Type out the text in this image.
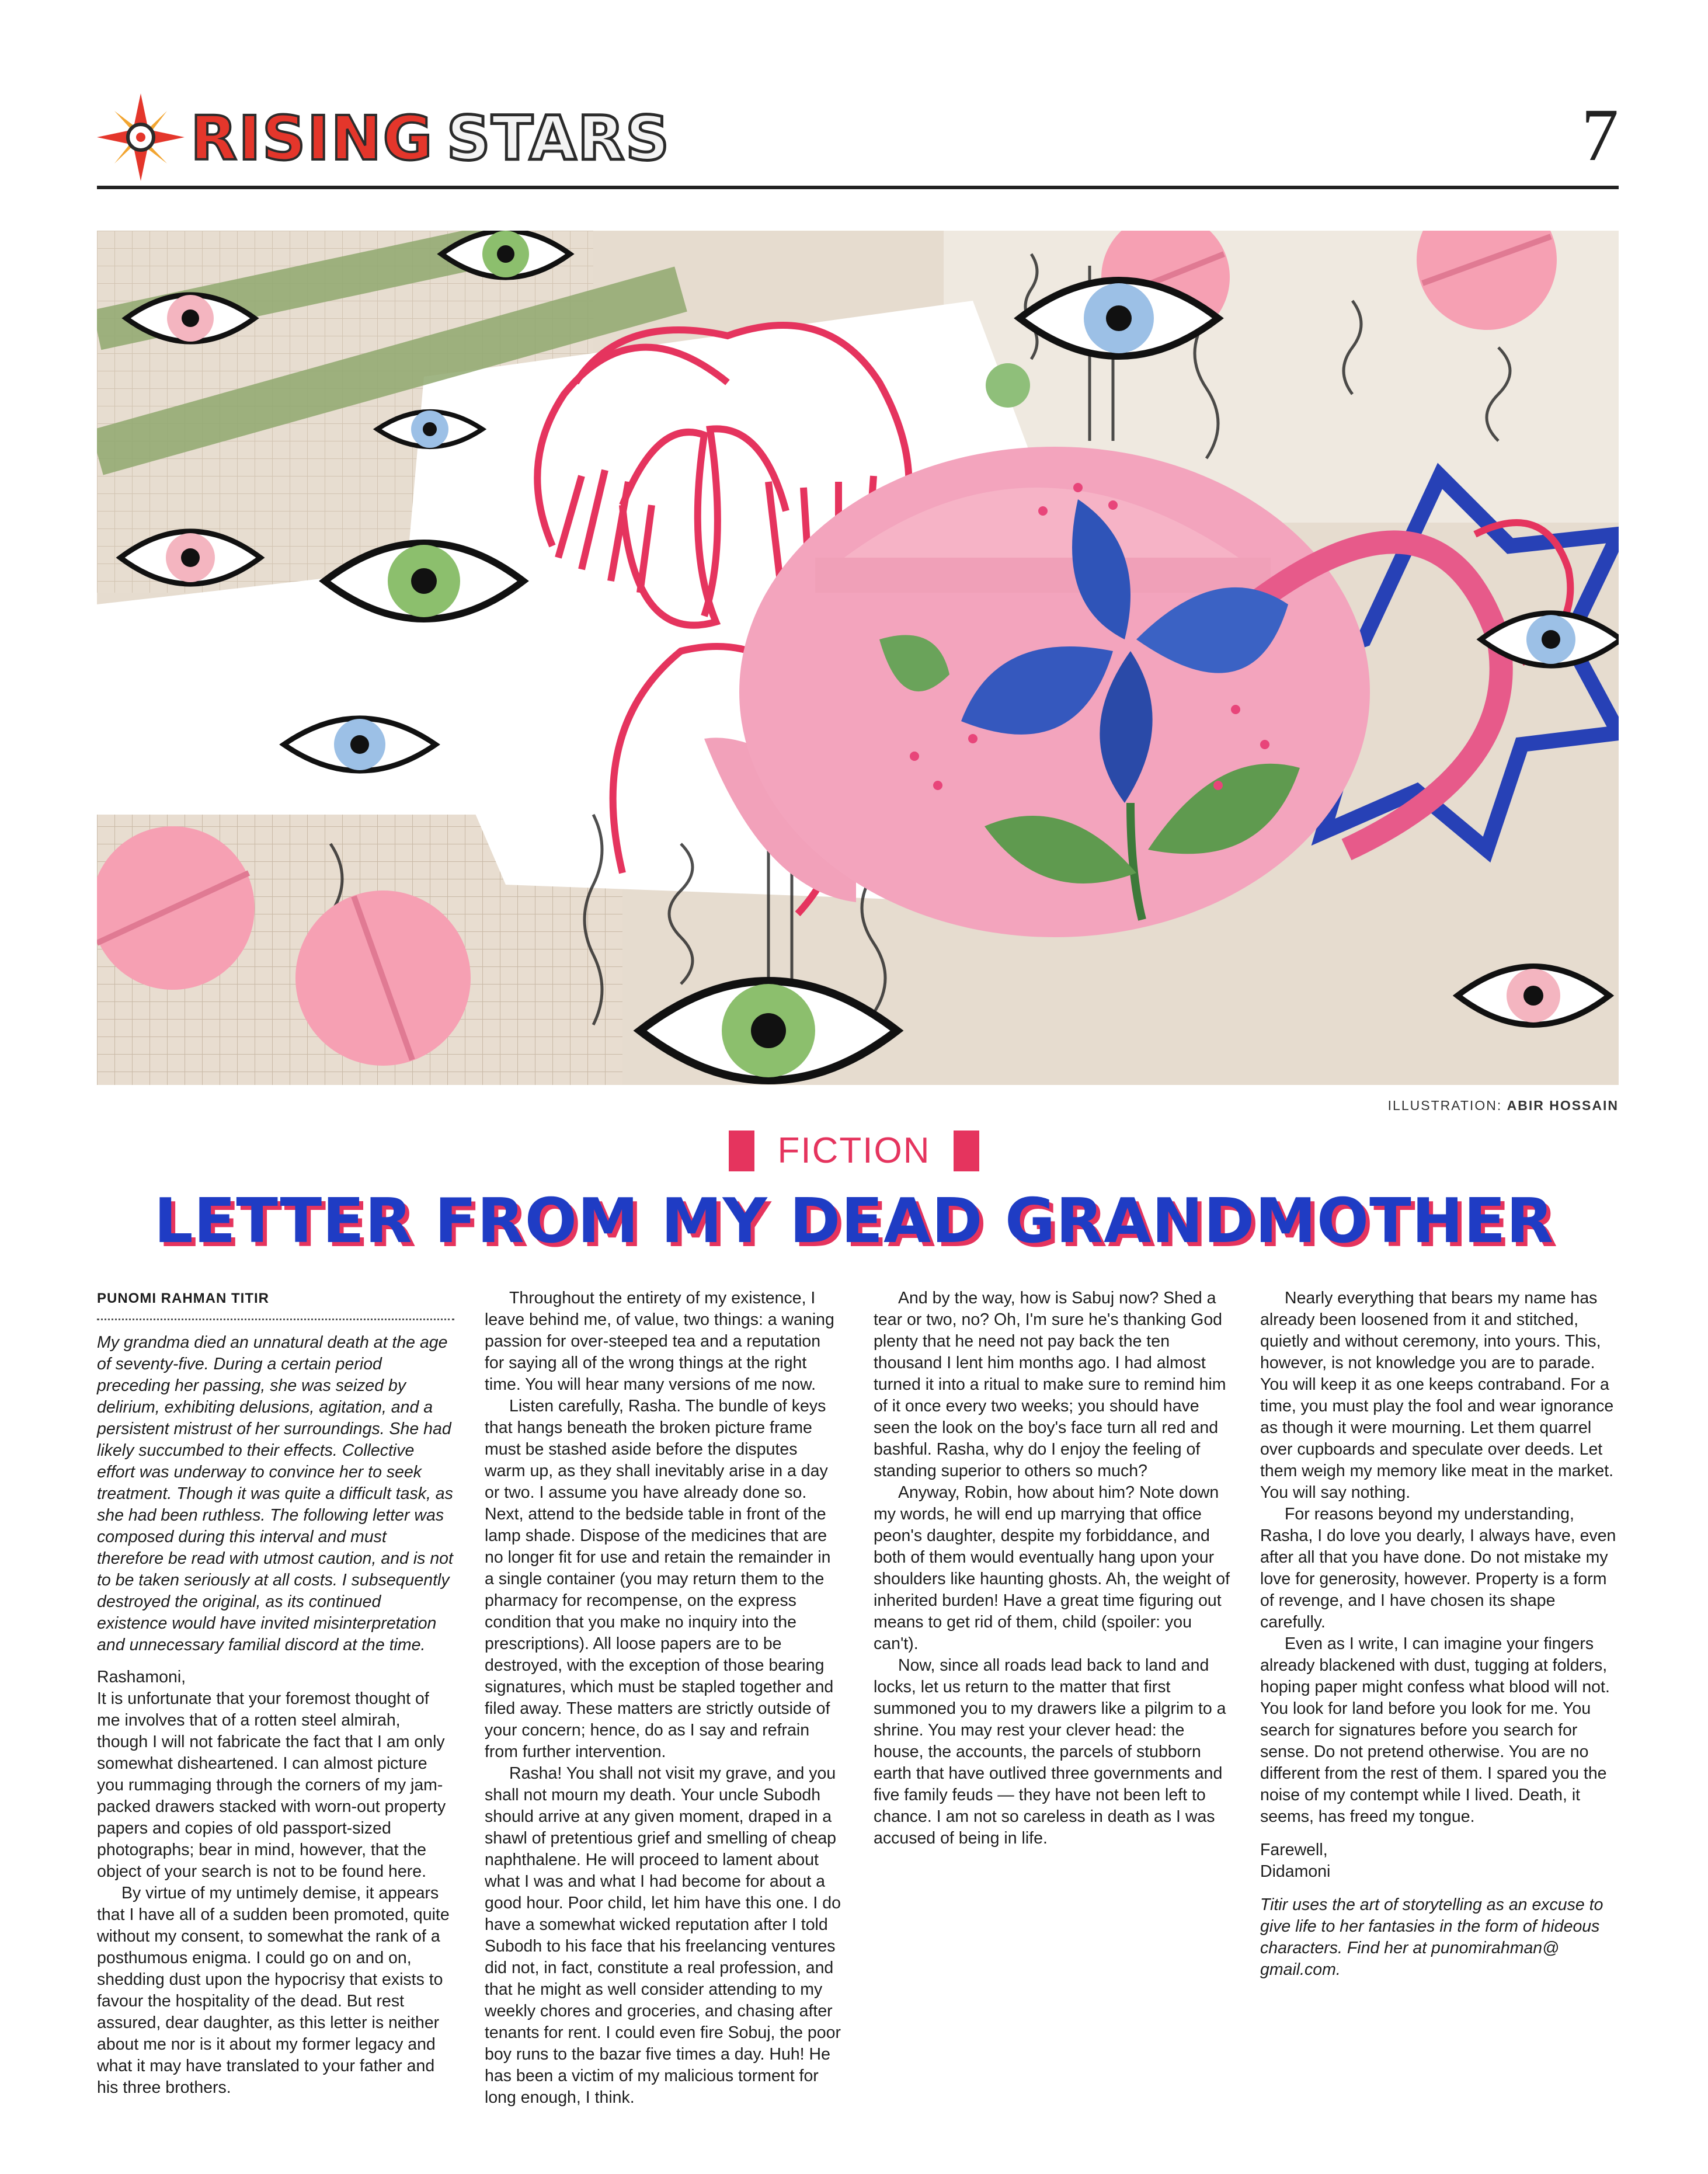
RISING STARS	7
ILLUSTRATION: ABIR HOSSAIN
FICTION
LETTER FROM MY DEAD GRANDMOTHER
PUNOMI RAHMAN TITIR

My grandma died an unnatural death at the age of seventy-five. During a certain period preceding her passing, she was seized by delirium, exhibiting delusions, agitation, and a persistent mistrust of her surroundings. She had likely succumbed to their effects. Collective effort was underway to convince her to seek treatment. Though it was quite a difficult task, as she had been ruthless. The following letter was composed during this interval and must therefore be read with utmost caution, and is not to be taken seriously at all costs. I subsequently destroyed the original, as its continued existence would have invited misinterpretation and unnecessary familial discord at the time.

Rashamoni,

It is unfortunate that your foremost thought of me involves that of a rotten steel almirah, though I will not fabricate the fact that I am only somewhat disheartened. I can almost picture you rummaging through the corners of my jam-packed drawers stacked with worn-out property papers and copies of old passport-sized photographs; bear in mind, however, that the object of your search is not to be found here.

By virtue of my untimely demise, it appears that I have all of a sudden been promoted, quite without my consent, to somewhat the rank of a posthumous enigma. I could go on and on, shedding dust upon the hypocrisy that exists to favour the hospitality of the dead. But rest assured, dear daughter, as this letter is neither about me nor is it about my former legacy and what it may have translated to your father and his three brothers.

Throughout the entirety of my existence, I leave behind me, of value, two things: a waning passion for over-steeped tea and a reputation for saying all of the wrong things at the right time. You will hear many versions of me now.

Listen carefully, Rasha. The bundle of keys that hangs beneath the broken picture frame must be stashed aside before the disputes warm up, as they shall inevitably arise in a day or two. I assume you have already done so. Next, attend to the bedside table in front of the lamp shade. Dispose of the medicines that are no longer fit for use and retain the remainder in a single container (you may return them to the pharmacy for recompense, on the express condition that you make no inquiry into the prescriptions). All loose papers are to be destroyed, with the exception of those bearing signatures, which must be stapled together and filed away. These matters are strictly outside of your concern; hence, do as I say and refrain from further intervention.

Rasha! You shall not visit my grave, and you shall not mourn my death. Your uncle Subodh should arrive at any given moment, draped in a shawl of pretentious grief and smelling of cheap naphthalene. He will proceed to lament about what I was and what I had become for about a good hour. Poor child, let him have this one. I do have a somewhat wicked reputation after I told Subodh to his face that his freelancing ventures did not, in fact, constitute a real profession, and that he might as well consider attending to my weekly chores and groceries, and chasing after tenants for rent. I could even fire Sobuj, the poor boy runs to the bazar five times a day. Huh! He has been a victim of my malicious torment for long enough, I think.

And by the way, how is Sabuj now? Shed a tear or two, no? Oh, I'm sure he's thanking God plenty that he need not pay back the ten thousand I lent him months ago. I had almost turned it into a ritual to make sure to remind him of it once every two weeks; you should have seen the look on the boy's face turn all red and bashful. Rasha, why do I enjoy the feeling of standing superior to others so much?

Anyway, Robin, how about him? Note down my words, he will end up marrying that office peon's daughter, despite my forbiddance, and both of them would eventually hang upon your shoulders like haunting ghosts. Ah, the weight of inherited burden! Have a great time figuring out means to get rid of them, child (spoiler: you can't).

Now, since all roads lead back to land and locks, let us return to the matter that first summoned you to my drawers like a pilgrim to a shrine. You may rest your clever head: the house, the accounts, the parcels of stubborn earth that have outlived three governments and five family feuds — they have not been left to chance. I am not so careless in death as I was accused of being in life.

Nearly everything that bears my name has already been loosened from it and stitched, quietly and without ceremony, into yours. This, however, is not knowledge you are to parade. You will keep it as one keeps contraband. For a time, you must play the fool and wear ignorance as though it were mourning. Let them quarrel over cupboards and speculate over deeds. Let them weigh my memory like meat in the market. You will say nothing.

For reasons beyond my understanding, Rasha, I do love you dearly, I always have, even after all that you have done. Do not mistake my love for generosity, however. Property is a form of revenge, and I have chosen its shape carefully.

Even as I write, I can imagine your fingers already blackened with dust, tugging at folders, hoping paper might confess what blood will not. You look for land before you look for me. You search for signatures before you search for sense. Do not pretend otherwise. You are no different from the rest of them. I spared you the noise of my contempt while I lived. Death, it seems, has freed my tongue.

Farewell,

Didamoni

Titir uses the art of storytelling as an excuse to give life to her fantasies in the form of hideous characters. Find her at punomirahman@ gmail.com.
